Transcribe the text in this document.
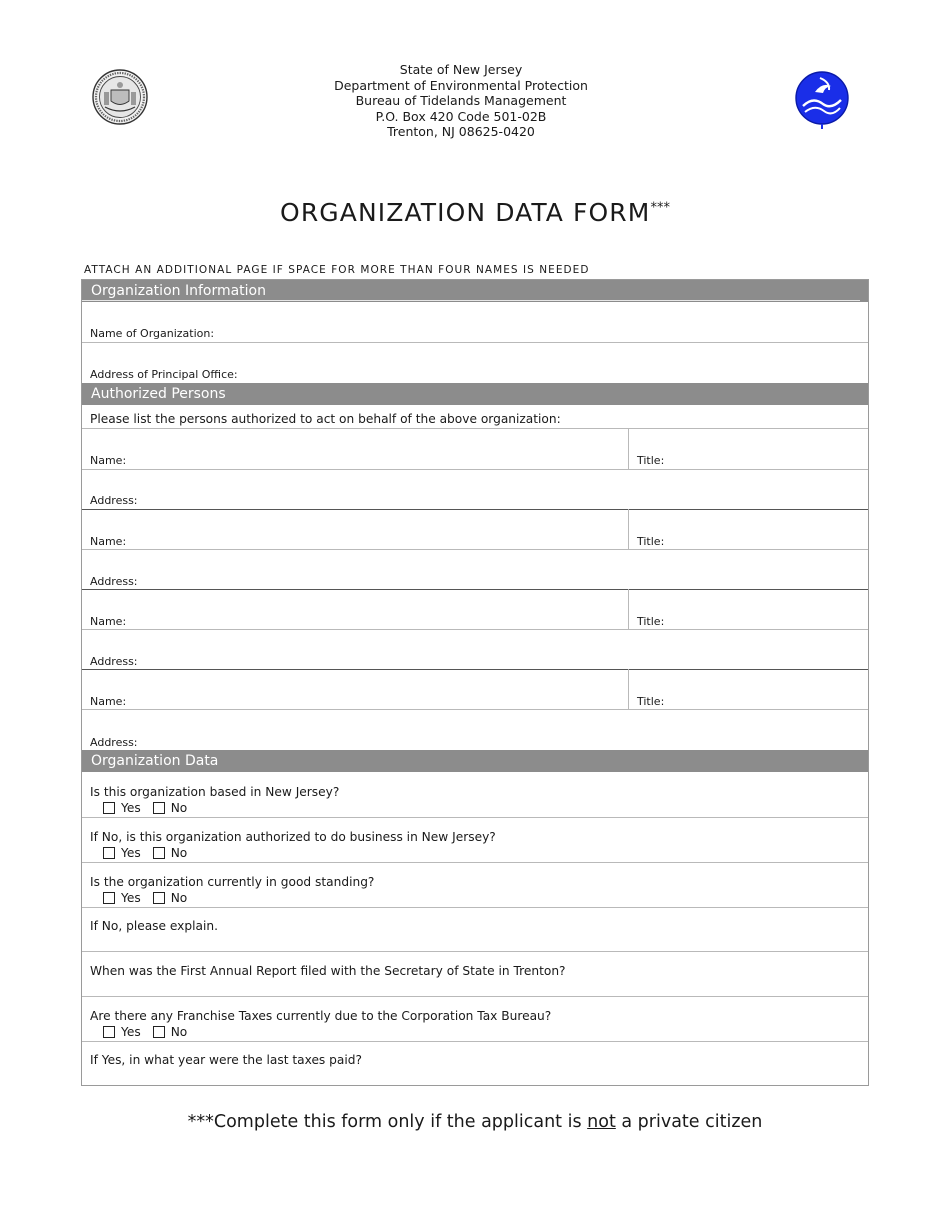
State of New Jersey
Department of Environmental Protection
Bureau of Tidelands Management
P.O. Box 420 Code 501-02B
Trenton, NJ 08625-0420
ORGANIZATION DATA FORM***
ATTACH AN ADDITIONAL PAGE IF SPACE FOR MORE THAN FOUR NAMES IS NEEDED
Organization Information
Name of Organization:
Address of Principal Office:
Authorized Persons
Please list the persons authorized to act on behalf of the above organization:
Name:	Title:
Address:
Name:	Title:
Address:
Name:	Title:
Address:
Name:	Title:
Address:
Organization Data
Is this organization based in New Jersey?
Yes No
If No, is this organization authorized to do business in New Jersey?
Yes No
Is the organization currently in good standing?
Yes No
If No, please explain.
When was the First Annual Report filed with the Secretary of State in Trenton?
Are there any Franchise Taxes currently due to the Corporation Tax Bureau?
Yes No
If Yes, in what year were the last taxes paid?
***Complete this form only if the applicant is not a private citizen
